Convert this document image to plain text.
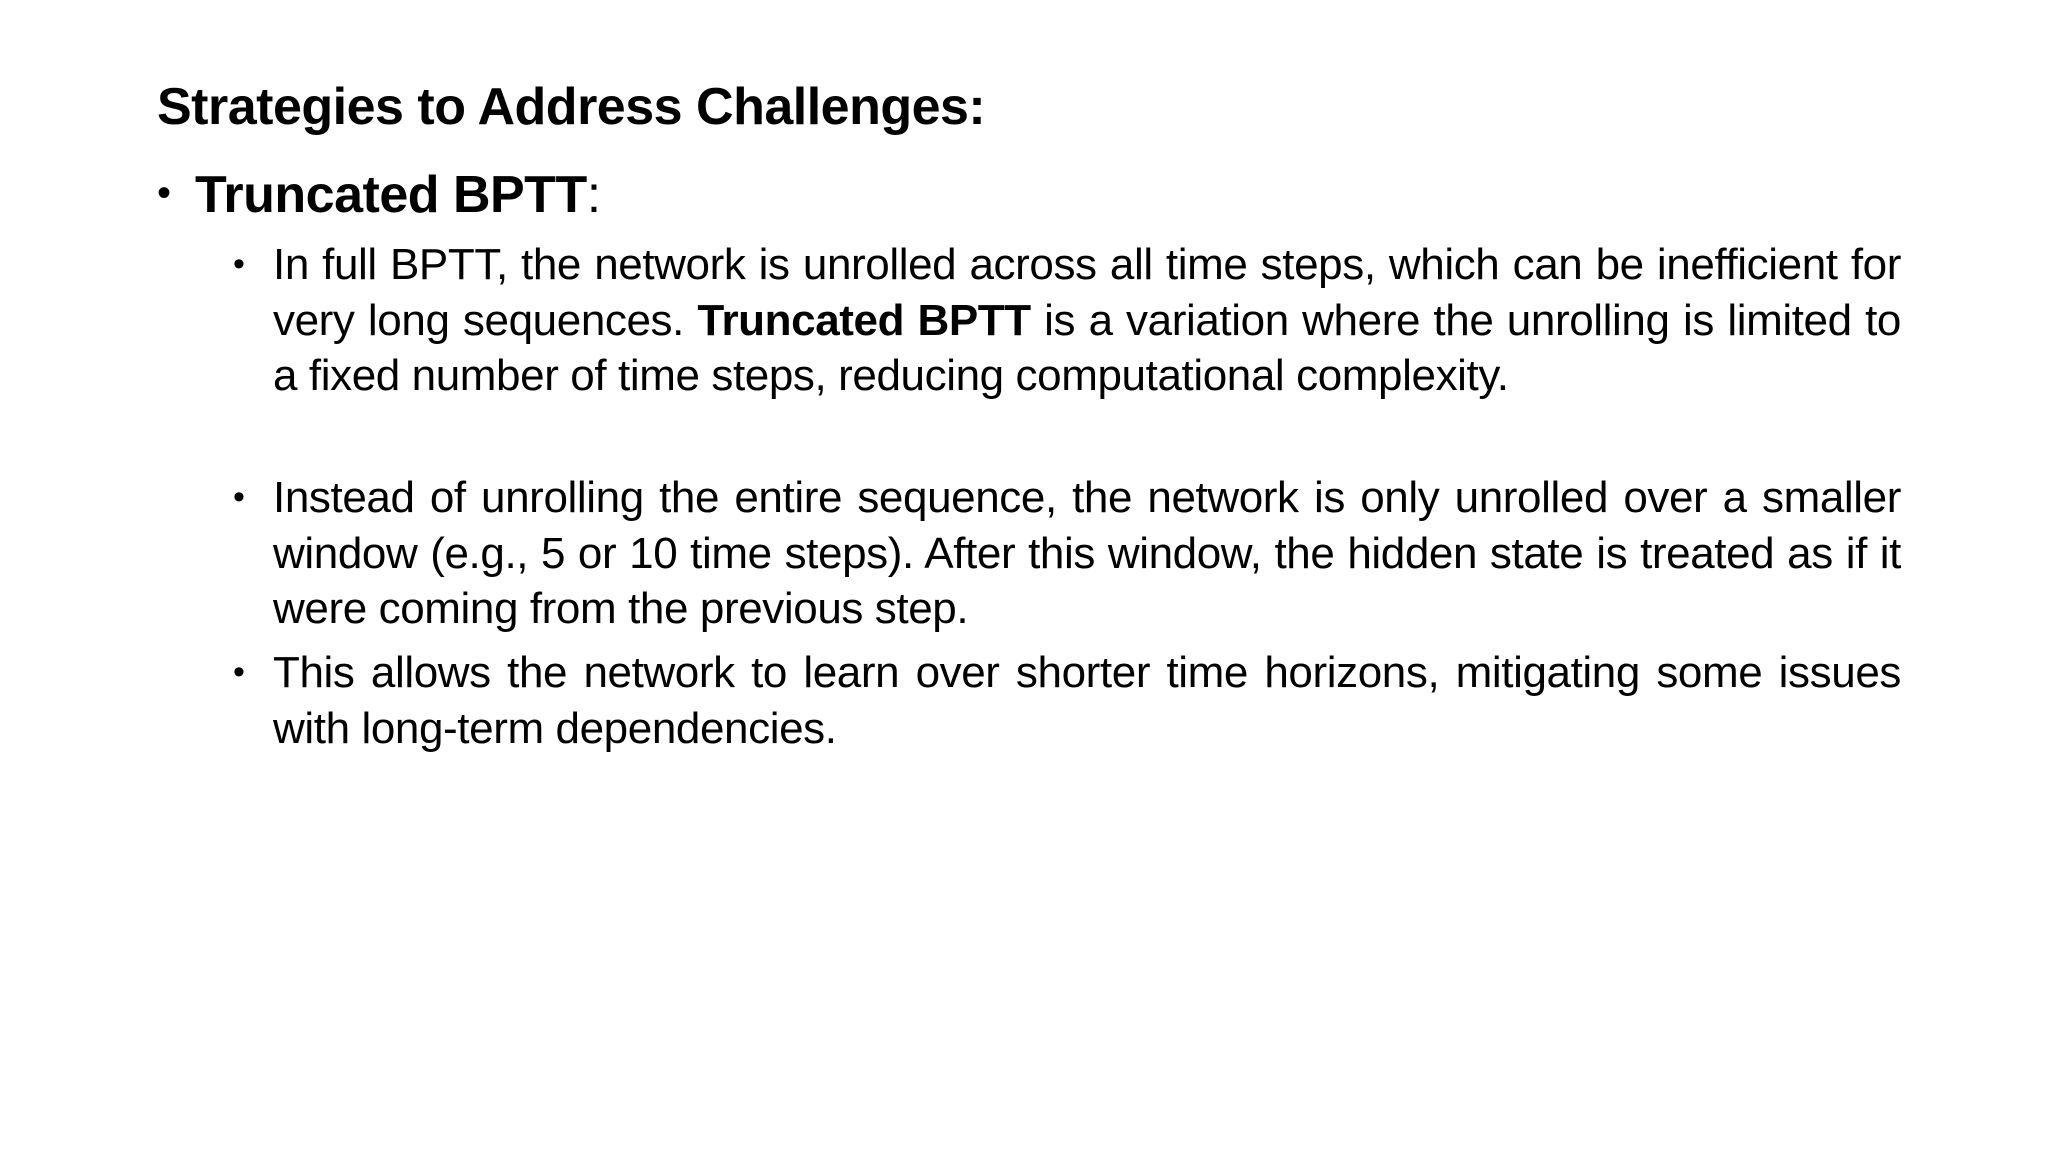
Strategies to Address Challenges:
• Truncated BPTT:
• In full BPTT, the network is unrolled across all time steps, which can be inefficient for very long sequences. Truncated BPTT is a variation where the unrolling is limited to a fixed number of time steps, reducing computational complexity.
• Instead of unrolling the entire sequence, the network is only unrolled over a smaller window (e.g., 5 or 10 time steps). After this window, the hidden state is treated as if it were coming from the previous step.
• This allows the network to learn over shorter time horizons, mitigating some issues with long-term dependencies.
